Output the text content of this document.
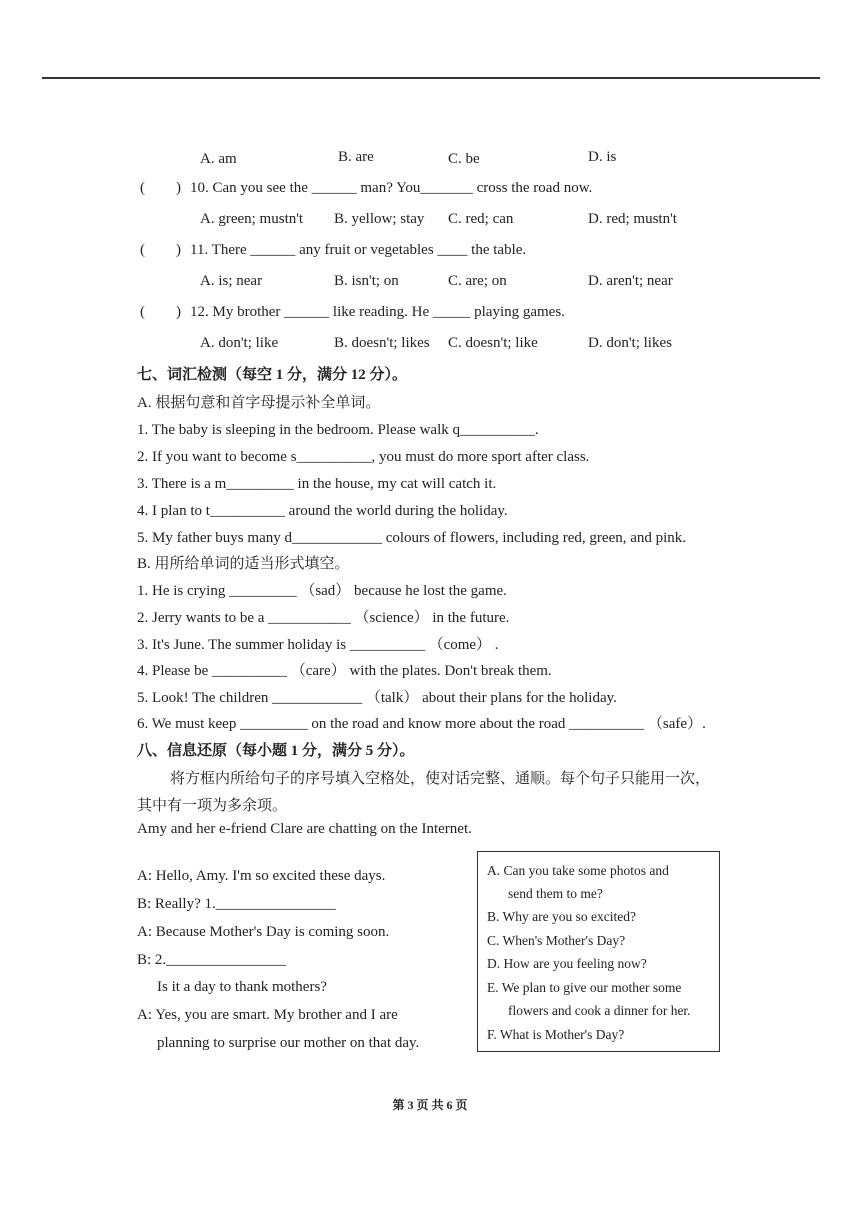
A. am	B. are	C. be	D. is
( ) 10. Can you see the ______ man? You_______ cross the road now.
A. green; mustn't B. yellow; stay C. red; can	D. red; mustn't
( ) 11. There ______ any fruit or vegetables ____ the table.
A. is; near	B. isn't; on	C. are; on	D. aren't; near
( ) 12. My brother ______ like reading. He _____ playing games.
A. don't; like	B. doesn't; likes C. doesn't; like	D. don't; likes
七、词汇检测（每空 1 分，满分 12 分）。
A. 根据句意和首字母提示补全单词。
1. The baby is sleeping in the bedroom. Please walk q__________.
2. If you want to become s__________, you must do more sport after class.
3. There is a m_________ in the house, my cat will catch it.
4. I plan to t__________ around the world during the holiday.
5. My father buys many d____________ colours of flowers, including red, green, and pink.
B. 用所给单词的适当形式填空。
1. He is crying _________ （sad） because he lost the game.
2. Jerry wants to be a ___________ （science） in the future.
3. It's June. The summer holiday is __________ （come） .
4. Please be __________ （care） with the plates. Don't break them.
5. Look! The children ____________ （talk） about their plans for the holiday.
6. We must keep _________ on the road and know more about the road __________ （safe）.
八、信息还原（每小题 1 分，满分 5 分）。
将方框内所给句子的序号填入空格处，使对话完整、通顺。每个句子只能用一次，
其中有一项为多余项。
Amy and her e-friend Clare are chatting on the Internet.
A: Hello, Amy. I'm so excited these days.
B: Really? 1.________________
A: Because Mother's Day is coming soon.
B: 2.________________
Is it a day to thank mothers?
A: Yes, you are smart. My brother and I are
planning to surprise our mother on that day.
A. Can you take some photos and
send them to me?
B. Why are you so excited?
C. When's Mother's Day?
D. How are you feeling now?
E. We plan to give our mother some
flowers and cook a dinner for her.
F. What is Mother's Day?
第 3 页 共 6 页
